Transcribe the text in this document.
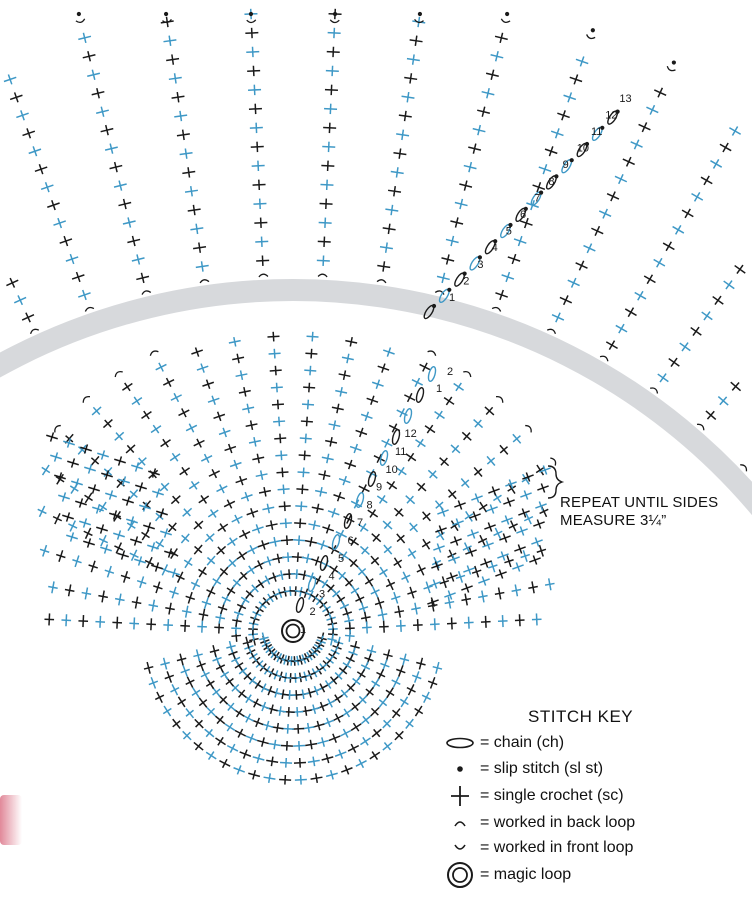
1
2
3
4
5
6
7
8
9
10
11
12
13
1
2
3
4
5
6
7
8
9
10
11
12
2
1
REPEAT UNTIL SIDES
MEASURE 3¼”
STITCH KEY
= chain (ch)
= slip stitch (sl st)
= single crochet (sc)
= worked in back loop
= worked in front loop
= magic loop
